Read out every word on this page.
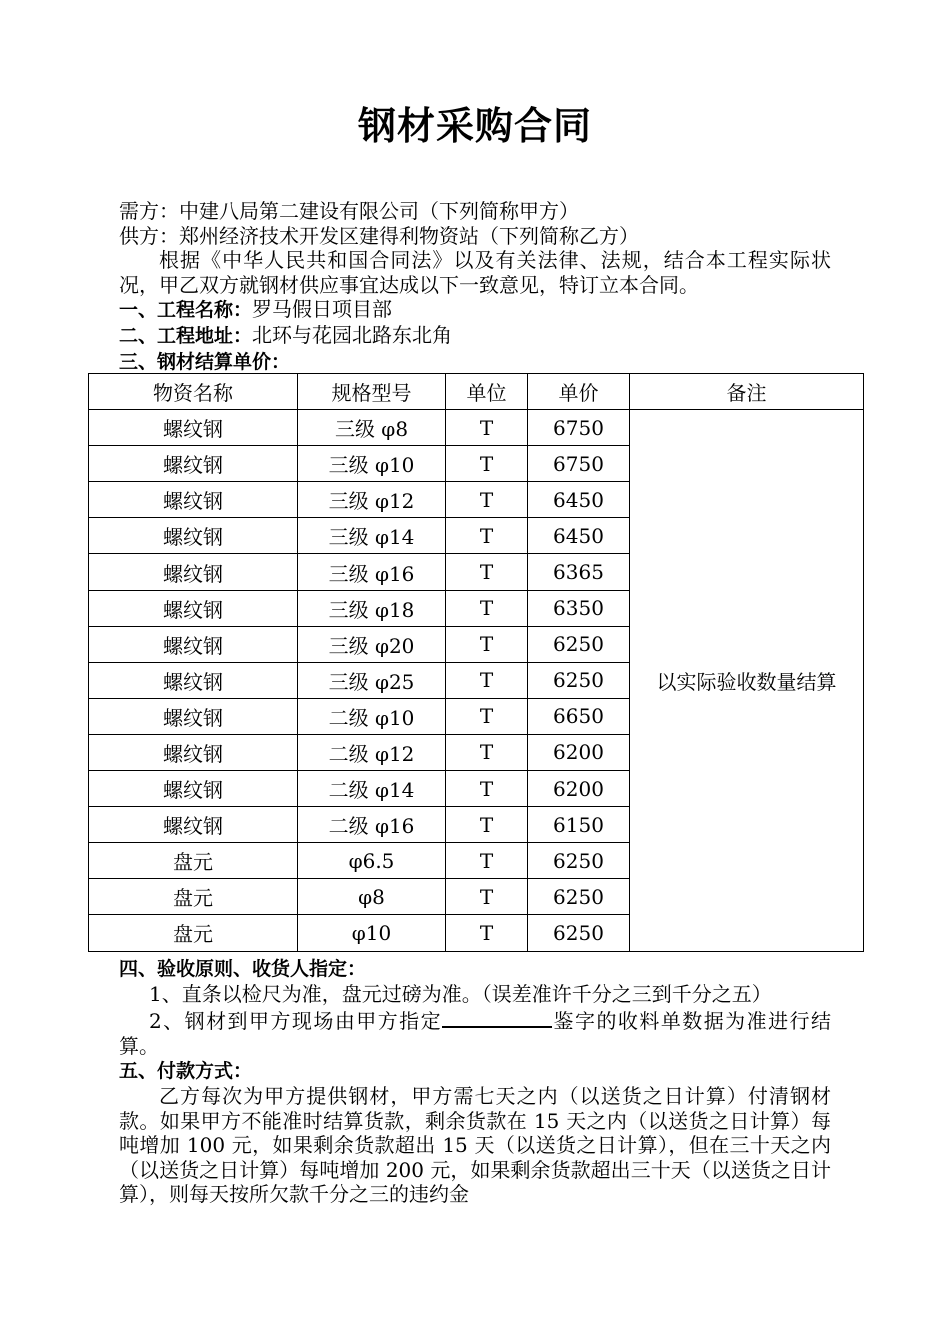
钢材采购合同

需方：中建八局第二建设有限公司（下列简称甲方）

供方：郑州经济技术开发区建得利物资站（下列简称乙方）

根据《中华人民共和国合同法》以及有关法律、法规，结合本工程实际状况，甲乙双方就钢材供应事宜达成以下一致意见，特订立本合同。

一、工程名称：罗马假日项目部

二、工程地址：北环与花园北路东北角

三、钢材结算单价：

物资名称	规格型号	单位	单价	备注
螺纹钢	三级 φ8	T	6750	以实际验收数量结算
螺纹钢	三级 φ10	T	6750	
螺纹钢	三级 φ12	T	6450	
螺纹钢	三级 φ14	T	6450	
螺纹钢	三级 φ16	T	6365	
螺纹钢	三级 φ18	T	6350	
螺纹钢	三级 φ20	T	6250	
螺纹钢	三级 φ25	T	6250	
螺纹钢	二级 φ10	T	6650	
螺纹钢	二级 φ12	T	6200	
螺纹钢	二级 φ14	T	6200	
螺纹钢	二级 φ16	T	6150	
盘元	φ6.5	T	6250	
盘元	φ8	T	6250	
盘元	φ10	T	6250	

四、验收原则、收货人指定：

1、直条以检尺为准，盘元过磅为准。（误差准许千分之三到千分之五）

2、钢材到甲方现场由甲方指定	鉴字的收料单数据为准进行结算。

五、付款方式：

乙方每次为甲方提供钢材，甲方需七天之内（以送货之日计算）付清钢材款。如果甲方不能准时结算货款，剩余货款在 15 天之内（以送货之日计算）每吨增加 100 元，如果剩余货款超出 15 天（以送货之日计算），但在三十天之内（以送货之日计算）每吨增加 200 元，如果剩余货款超出三十天（以送货之日计算），则每天按所欠款千分之三的违约金
